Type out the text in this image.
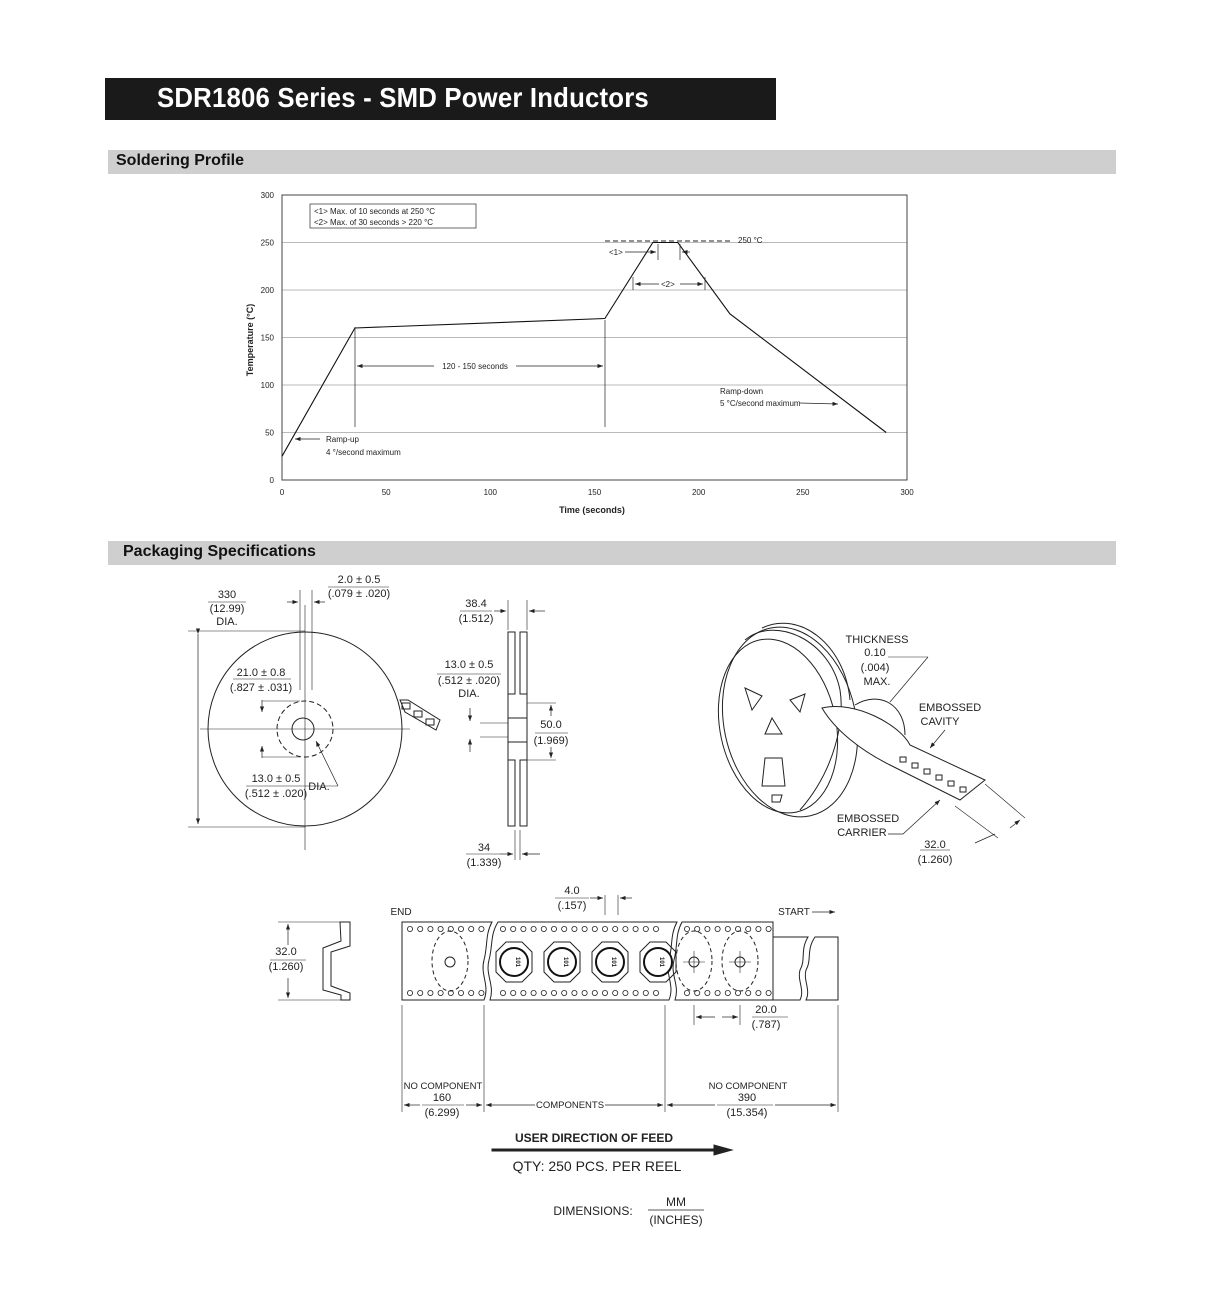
SDR1806 Series - SMD Power Inductors
Soldering Profile
Packaging Specifications
0
50
100
150
200
250
300
0	50	100	150	200	250	300
Time (seconds)
Temperature (°C)
<1> Max. of 10 seconds at 250 °C
<2> Max. of 30 seconds > 220 °C
250 °C
<1>
<2>
120 - 150 seconds
Ramp-up
4 °/second maximum
Ramp-down
5 °C/second maximum
101	101	101	101
330
(12.99)
DIA.
2.0 ± 0.5
(.079 ± .020)
21.0 ± 0.8
(.827 ± .031)
13.0 ± 0.5
(.512 ± .020)
DIA.
38.4
(1.512)
13.0 ± 0.5
(.512 ± .020)
DIA.
50.0
(1.969)
34
(1.339)
THICKNESS
0.10
(.004)
MAX.
EMBOSSED
CAVITY
EMBOSSED
CARRIER
32.0
(1.260)
4.0
(.157)
END	START
32.0
(1.260)
20.0
(.787)
NO COMPONENT
160
(6.299)
COMPONENTS
NO COMPONENT
390
(15.354)
USER DIRECTION OF FEED
QTY: 250 PCS. PER REEL
DIMENSIONS:
MM
(INCHES)
